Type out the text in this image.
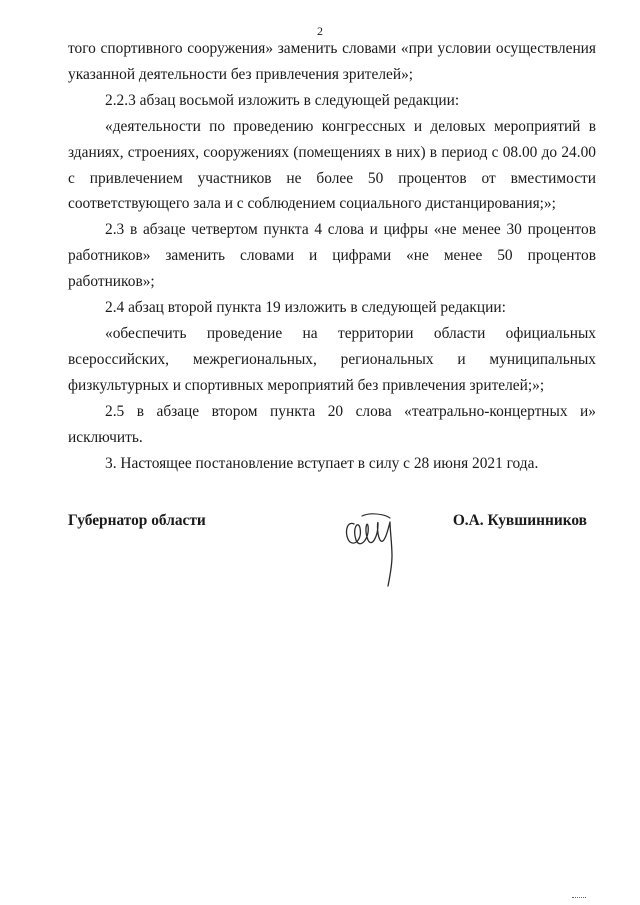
2

того спортивного сооружения» заменить словами «при условии осуществления указанной деятельности без привлечения зрителей»;

2.2.3 абзац восьмой изложить в следующей редакции:

«деятельности по проведению конгрессных и деловых мероприятий в зданиях, строениях, сооружениях (помещениях в них) в период с 08.00 до 24.00 с привлечением участников не более 50 процентов от вместимости соответствующего зала и с соблюдением социального дистанцирования;»;

2.3 в абзаце четвертом пункта 4 слова и цифры «не менее 30 процентов работников» заменить словами и цифрами «не менее 50 процентов работников»;

2.4 абзац второй пункта 19 изложить в следующей редакции:

«обеспечить проведение на территории области официальных всероссийских, межрегиональных, региональных и муниципальных физкультурных и спортивных мероприятий без привлечения зрителей;»;

2.5 в абзаце втором пункта 20 слова «театрально-концертных и» исключить.

3. Настоящее постановление вступает в силу с 28 июня 2021 года.

Губернатор области	О.А. Кувшинников
